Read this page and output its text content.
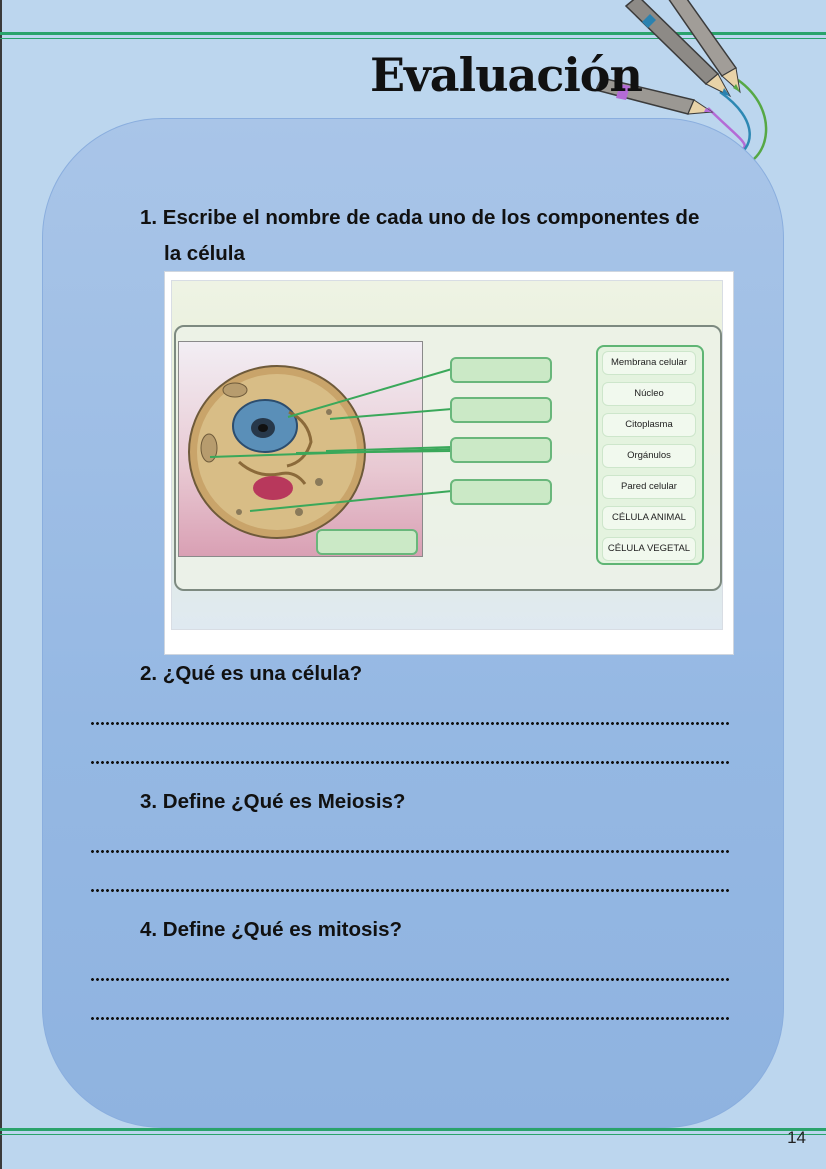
Evaluación
1. Escribe el nombre de cada uno de los componentes de
la célula
Membrana celular
Núcleo
Citoplasma
Orgánulos
Pared celular
CÉLULA ANIMAL
CÉLULA VEGETAL
2. ¿Qué es una célula?
3. Define ¿Qué es Meiosis?
4. Define ¿Qué es mitosis?
14
